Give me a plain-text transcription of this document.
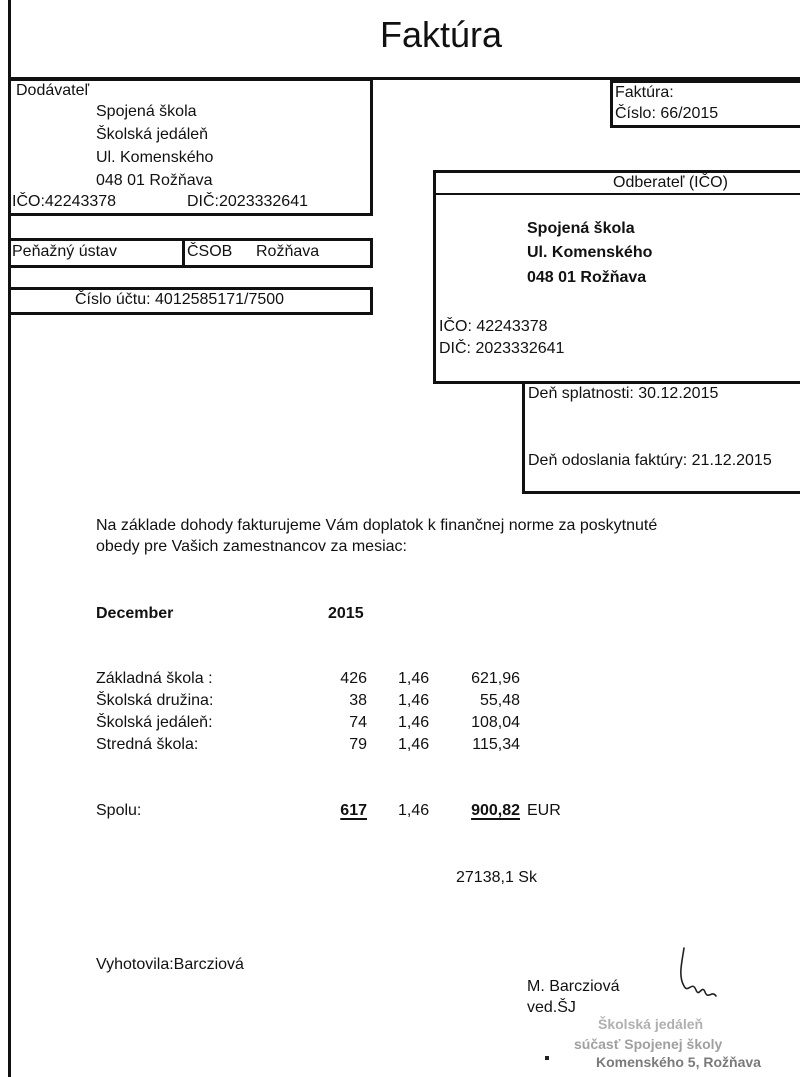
Faktúra
Dodávateľ
Spojená škola
Školská jedáleň
Ul. Komenského
048 01 Rožňava
IČO:42243378	DIČ:2023332641
Peňažný ústav	ČSOB Rožňava
Číslo účtu: 4012585171/7500
Faktúra:
Číslo: 66/2015
Odberateľ (IČO)
Spojená škola
Ul. Komenského
048 01 Rožňava
IČO: 42243378
DIČ: 2023332641
Deň splatnosti: 30.12.2015
Deň odoslania faktúry: 21.12.2015
Na základe dohody fakturujeme Vám doplatok k finančnej norme za poskytnuté
obedy pre Vašich zamestnancov za mesiac:
December	2015
Základná škola :	426 1,46	621,96
Školská družina:	38 1,46	55,48
Školská jedáleň:	74 1,46	108,04
Stredná škola:	79 1,46	115,34
Spolu:	617 1,46	900,82 EUR
27138,1 Sk
Vyhotovila:Barcziová
M. Barcziová
ved.ŠJ
Školská jedáleň
súčasť Spojenej školy
Komenského 5, Rožňava
